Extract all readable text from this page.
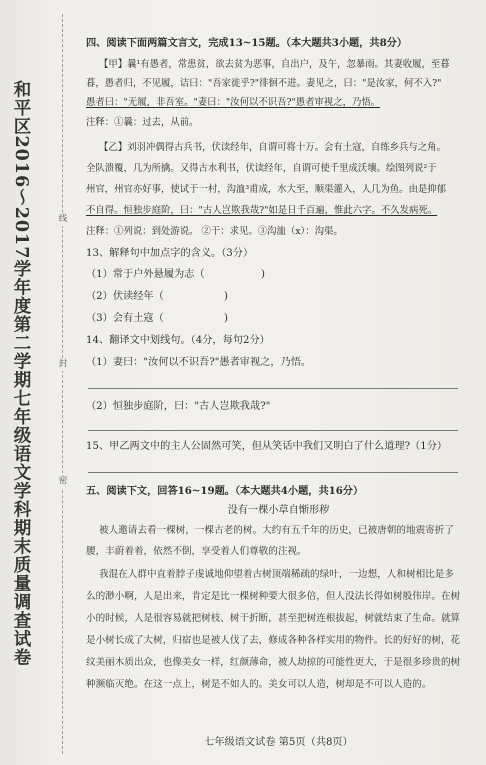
和平区2016～2017学年度第二学期七年级语文学科期末质量调查试卷	线
封
密
四、阅读下面两篇文言文，完成13~15题。（本大题共3小题，共8分）
【甲】曩¹有愚者，常患贫，欲去贫为恶事，自出户，及午，忽暴雨。其妻收履，至暮
暮，愚者归，不见履，诘曰："吾家徙乎?"徘徊不进。妻见之，曰："是汝家，何不入?"
愚者曰："无履，非吾室。"妻曰："汝何以不识吾?"愚者审视之，乃悟。
注释：①曩：过去，从前。
【乙】刘羽冲偶得古兵书，伏读经年，自谓可将十万。会有土寇，自练乡兵与之角。
全队溃覆，几为所擒。又得古水利书，伏读经年，自谓可使千里成沃壤。绘图列说²于
州官，州官亦好事，使试于一村，沟洫³甫成，水大至，顺渠灌入，人几为鱼。由是抑郁
不自得。恒独步庭阶，曰："古人岂欺我哉?"如是日千百遍，惟此六字。不久发病死。
注释：①列说：到处游说。 ②干：求见。③沟洫（x）：沟渠。
13、解释句中加点字的含义。（3分）
（1）常于户外悬履为志（	)
（2）伏读经年（	)
（3）会有土寇（	)
14、翻译文中划线句。（4分，每句2分）
（1）妻曰："汝何以不识吾?"愚者审视之，乃悟。
（2）恒独步庭阶，曰："古人岂欺我哉?"
15、甲乙两文中的主人公固然可笑，但从笑话中我们又明白了什么道理?（1分）
五、阅读下文，回答16~19题。（本大题共4小题，共16分）
没有一棵小草自惭形秽
被人邀请去看一棵树，一棵古老的树。大约有五千年的历史，已被唐朝的地震寄折了
腰，丰蔚着着，依然不倒，享受着人们尊敬的注视。
我混在人群中直着脖子虔诚地仰望着古树顶端稀疏的绿叶，一边想，人和树相比是多
么的渺小啊，人是出来，肯定是比一棵树种要大很多倍，但人没法长得如树般伟岸。在树
小的时候，人是很容易就把树枝、树干折断，甚至把树连根拔起，树就结束了生命。就算
是小树长成了大树，归宿也是被人伐了去，修成各种各样实用的物件。长的好好的树，花
纹美丽木质出众，也像美女一样，红颜薄命，被人劫掠的可能性更大，于是很多珍贵的树
种濒临灭绝。在这一点上，树是不如人的。美女可以人造，树却是不可以人造的。
七年级语文试卷 第5页（共8页）
